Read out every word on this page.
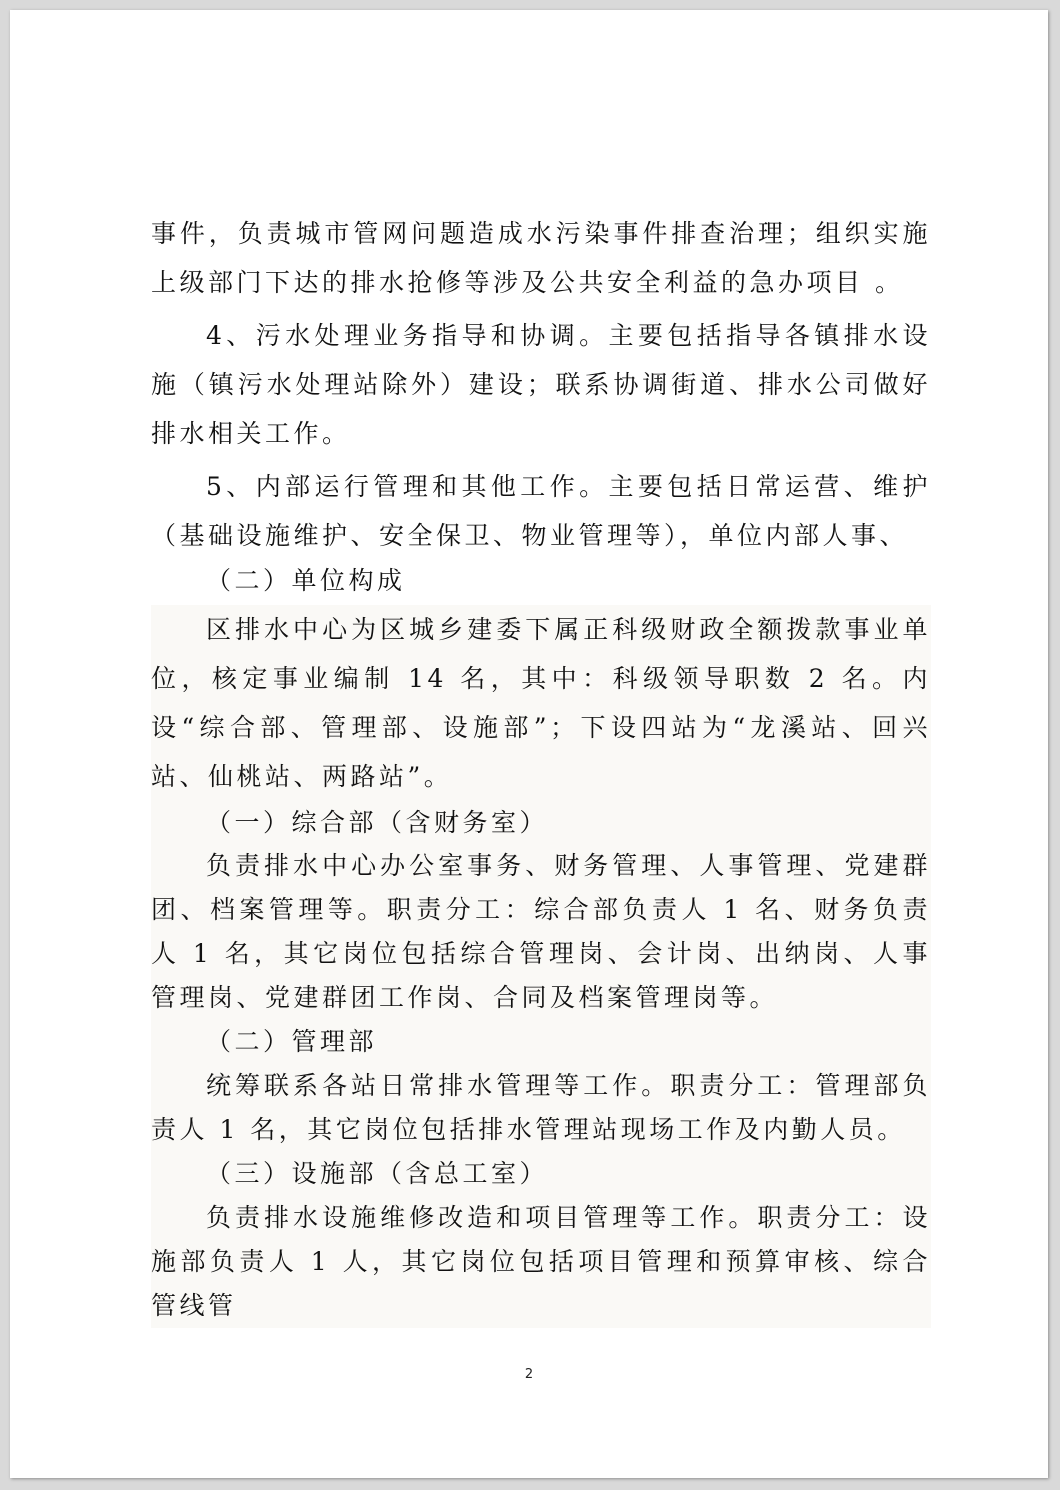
事件，负责城市管网问题造成水污染事件排查治理；组织实施上级部门下达的排水抢修等涉及公共安全利益的急办项目 。

4、污水处理业务指导和协调。主要包括指导各镇排水设施（镇污水处理站除外）建设；联系协调街道、排水公司做好排水相关工作。

5、内部运行管理和其他工作。主要包括日常运营、维护（基础设施维护、安全保卫、物业管理等），单位内部人事、

（二）单位构成

区排水中心为区城乡建委下属正科级财政全额拨款事业单位，核定事业编制 14 名，其中：科级领导职数 2 名。内设“综合部、管理部、设施部”；下设四站为“龙溪站、回兴站、仙桃站、两路站”。

（一）综合部（含财务室）

负责排水中心办公室事务、财务管理、人事管理、党建群团、档案管理等。职责分工：综合部负责人 1 名、财务负责人 1 名，其它岗位包括综合管理岗、会计岗、出纳岗、人事管理岗、党建群团工作岗、合同及档案管理岗等。

（二）管理部

统筹联系各站日常排水管理等工作。职责分工：管理部负责人 1 名，其它岗位包括排水管理站现场工作及内勤人员。

（三）设施部（含总工室）

负责排水设施维修改造和项目管理等工作。职责分工：设施部负责人 1 人，其它岗位包括项目管理和预算审核、综合管线管

2
